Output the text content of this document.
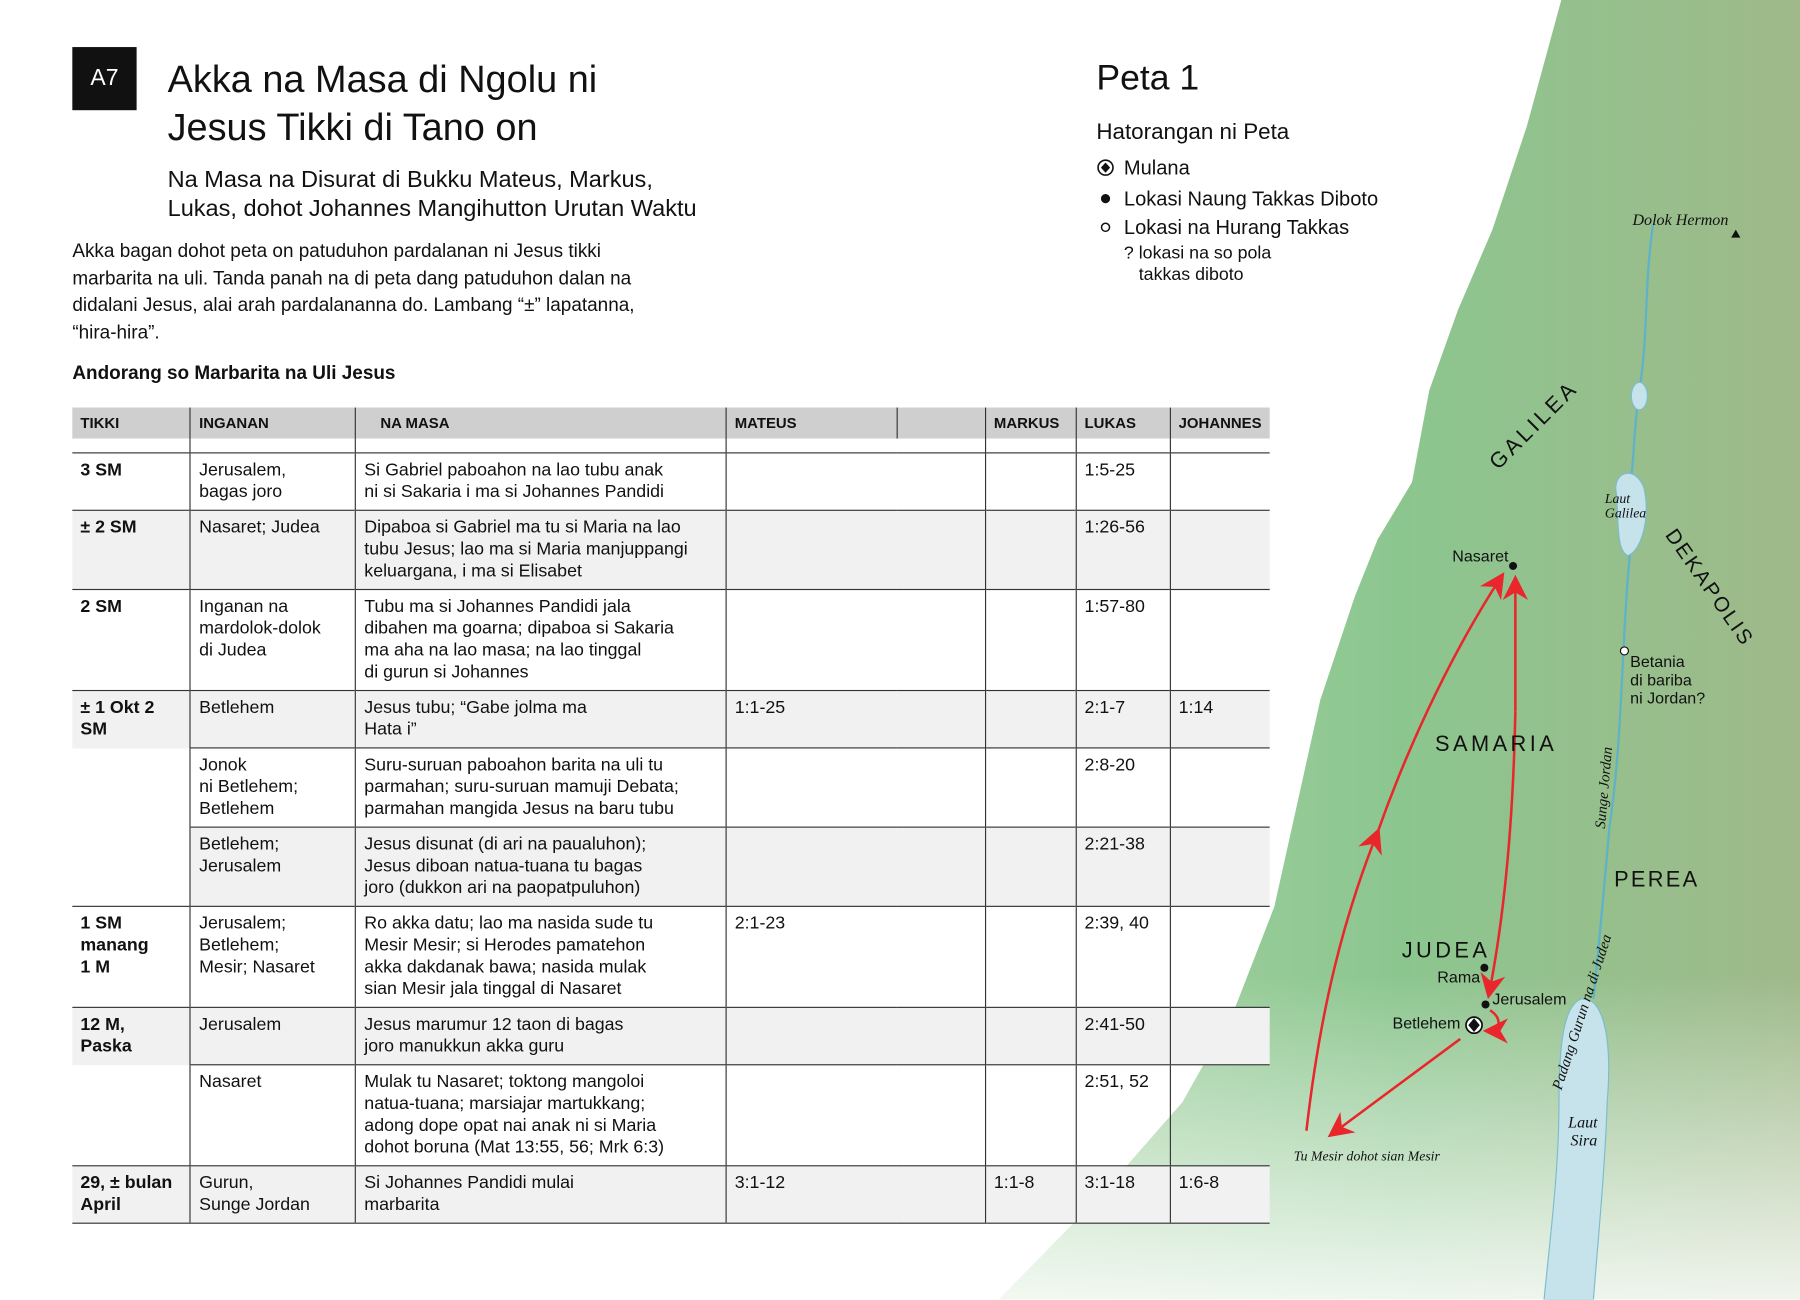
Dolok Hermon
GALILEA
Laut
Galilea
DEKAPOLIS
Nasaret
Betania
di bariba
ni Jordan?
SAMARIA
Sunge Jordan
PEREA
Padang Gurun na di Judea
JUDEA
Rama
Jerusalem
Betlehem
Tu Mesir dohot sian Mesir
Laut
Sira
A7	Akka na Masa di Ngolu ni
Jesus Tikki di Tano on
Na Masa na Disurat di Bukku Mateus, Markus,
Lukas, dohot Johannes Mangihutton Urutan Waktu
Akka bagan dohot peta on patuduhon pardalanan ni Jesus tikki
marbarita na uli. Tanda panah na di peta dang patuduhon dalan na
didalani Jesus, alai arah pardalananna do. Lambang “±” lapatanna,
“hira-hira”.
Andorang so Marbarita na Uli Jesus
Peta 1
Hatorangan ni Peta
Mulana
Lokasi Naung Takkas Diboto
Lokasi na Hurang Takkas
? lokasi na so pola
takkas diboto
TIKKI	INGANAN	NA MASA	MATEUS		MARKUS	LUKAS	JOHANNES

3 SM	Jerusalem,
bagas joro	Si Gabriel paboahon na lao tubu anak
ni si Sakaria i ma si Johannes Pandidi				1:5-25	
± 2 SM	Nasaret; Judea	Dipaboa si Gabriel ma tu si Maria na lao
tubu Jesus; lao ma si Maria manjuppangi
keluargana, i ma si Elisabet				1:26-56	
2 SM	Inganan na
mardolok-dolok
di Judea	Tubu ma si Johannes Pandidi jala
dibahen ma goarna; dipaboa si Sakaria
ma aha na lao masa; na lao tinggal
di gurun si Johannes				1:57-80	
± 1 Okt 2 SM	Betlehem	Jesus tubu; “Gabe jolma ma
Hata i”	1:1-25			2:1-7	1:14
	Jonok
ni Betlehem;
Betlehem	Suru-suruan paboahon barita na uli tu
parmahan; suru-suruan mamuji Debata;
parmahan mangida Jesus na baru tubu				2:8-20	
	Betlehem;
Jerusalem	Jesus disunat (di ari na paualuhon);
Jesus diboan natua-tuana tu bagas
joro (dukkon ari na paopatpuluhon)				2:21-38	
1 SM
manang
1 M	Jerusalem;
Betlehem;
Mesir; Nasaret	Ro akka datu; lao ma nasida sude tu
Mesir Mesir; si Herodes pamatehon
akka dakdanak bawa; nasida mulak
sian Mesir jala tinggal di Nasaret	2:1-23			2:39, 40	
12 M,
Paska	Jerusalem	Jesus marumur 12 taon di bagas
joro manukkun akka guru				2:41-50	
	Nasaret	Mulak tu Nasaret; toktong mangoloi
natua-tuana; marsiajar martukkang;
adong dope opat nai anak ni si Maria
dohot boruna (Mat 13:55, 56; Mrk 6:3)				2:51, 52	
29, ± bulan
April	Gurun,
Sunge Jordan	Si Johannes Pandidi mulai
marbarita	3:1-12		1:1-8	3:1-18	1:6-8
